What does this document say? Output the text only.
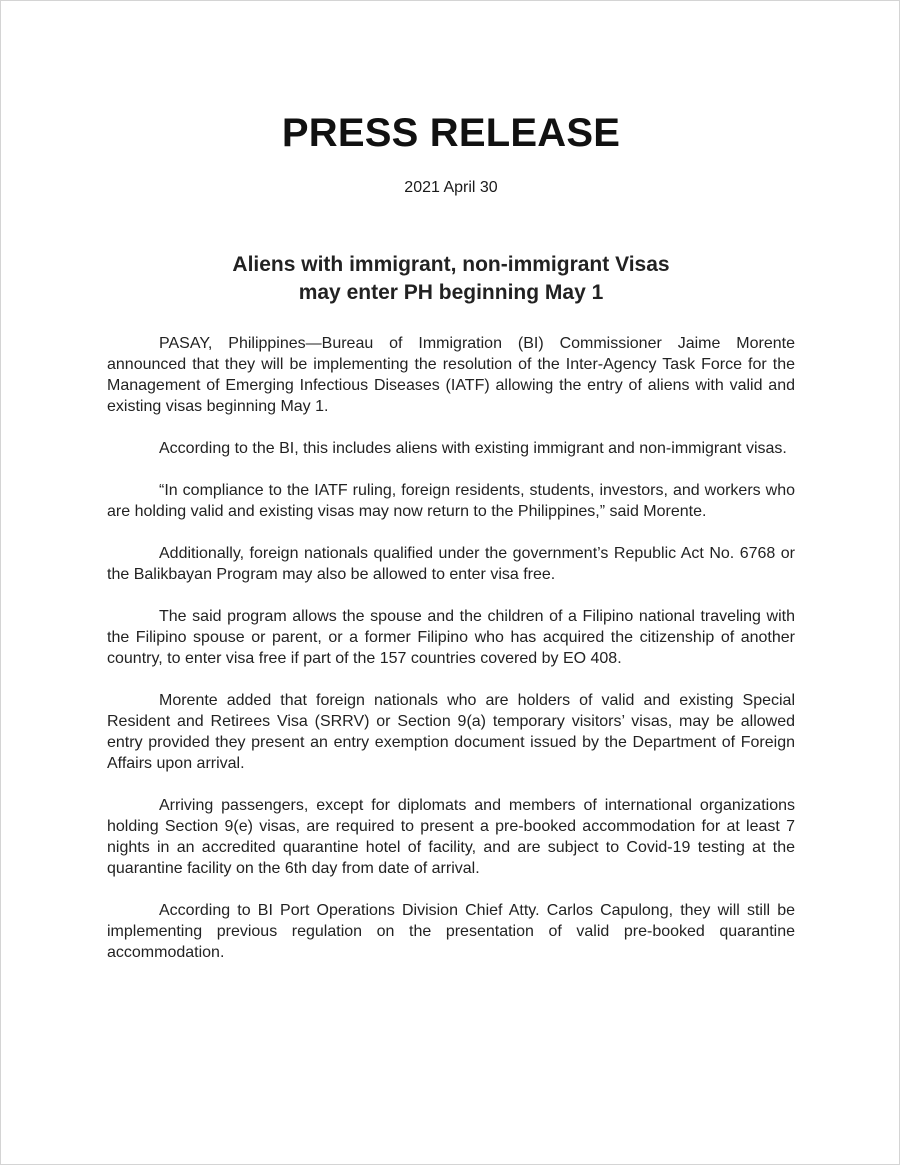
PRESS RELEASE
2021 April 30
Aliens with immigrant, non-immigrant Visas
may enter PH beginning May 1

PASAY, Philippines—Bureau of Immigration (BI) Commissioner Jaime Morente announced that they will be implementing the resolution of the Inter-Agency Task Force for the Management of Emerging Infectious Diseases (IATF) allowing the entry of aliens with valid and existing visas beginning May 1.

According to the BI, this includes aliens with existing immigrant and non-immigrant visas.

“In compliance to the IATF ruling, foreign residents, students, investors, and workers who are holding valid and existing visas may now return to the Philippines,” said Morente.

Additionally, foreign nationals qualified under the government’s Republic Act No. 6768 or the Balikbayan Program may also be allowed to enter visa free.

The said program allows the spouse and the children of a Filipino national traveling with the Filipino spouse or parent, or a former Filipino who has acquired the citizenship of another country, to enter visa free if part of the 157 countries covered by EO 408.

Morente added that foreign nationals who are holders of valid and existing Special Resident and Retirees Visa (SRRV) or Section 9(a) temporary visitors’ visas, may be allowed entry provided they present an entry exemption document issued by the Department of Foreign Affairs upon arrival.

Arriving passengers, except for diplomats and members of international organizations holding Section 9(e) visas, are required to present a pre-booked accommodation for at least 7 nights in an accredited quarantine hotel of facility, and are subject to Covid-19 testing at the quarantine facility on the 6th day from date of arrival.

According to BI Port Operations Division Chief Atty. Carlos Capulong, they will still be implementing previous regulation on the presentation of valid pre-booked quarantine accommodation.
